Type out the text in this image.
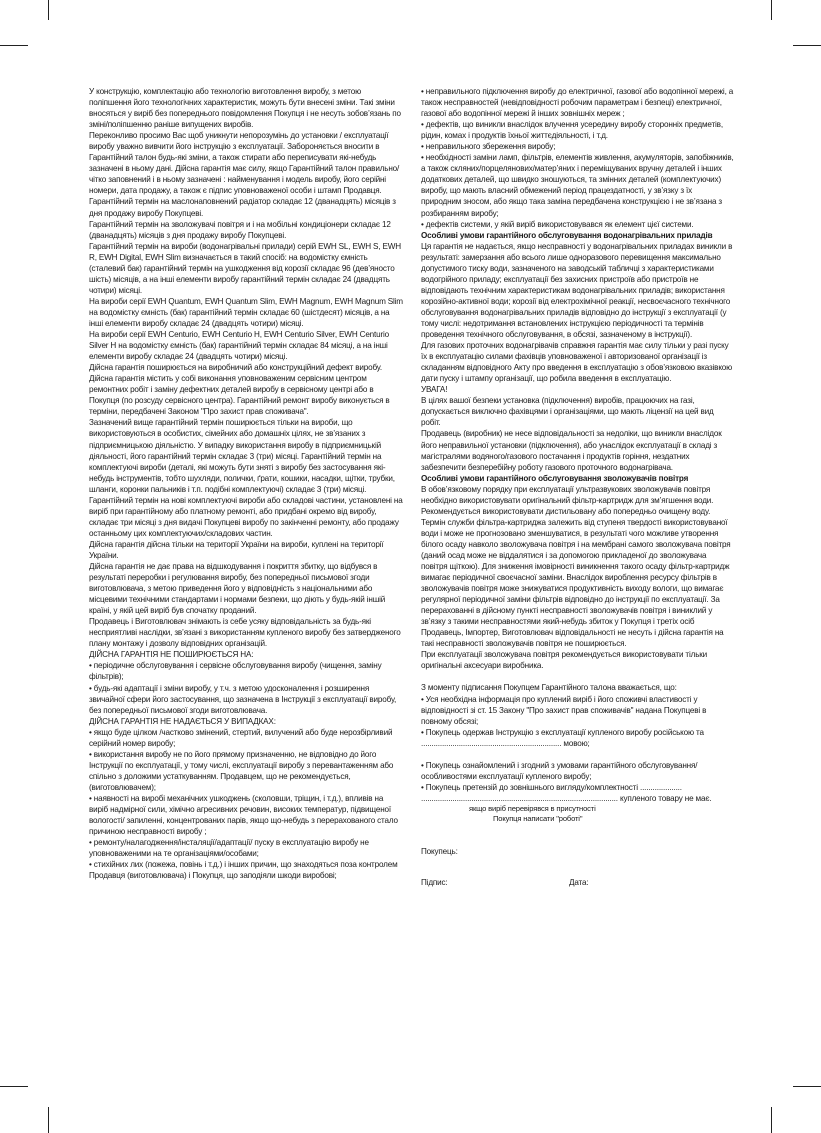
У конструкцію, комплектацію або технологію виготовлення виробу, з метою поліпшення його технологічних характеристик, можуть бути внесені зміни. Такі зміни вносяться у виріб без попереднього повідомлення Покупця і не несуть зобов’язань по зміні/поліпшенню раніше випущених виробів.

Переконливо просимо Вас щоб уникнути непорозумінь до установки / експлуатації виробу уважно вивчити його інструкцію з експлуатації. Забороняється вносити в Гарантійний талон будь-які зміни, а також стирати або переписувати які-небудь зазначені в ньому дані. Дійсна гарантія має силу, якщо Гарантійний талон правильно/чітко заповнений і в ньому зазначені : найменування і модель виробу, його серійні номери, дата продажу, а також є підпис уповноваженої особи і штамп Продавця.

Гарантійний термін на маслонаповнений радіатор складає 12 (дванадцять) місяців з дня продажу виробу Покупцеві.

Гарантійний термін на зволожувачі повітря и і на мобільні кондиціонери складає 12 (дванадцять) місяців з дня продажу виробу Покупцеві.

Гарантійний термін на вироби (водонагрівальні прилади) серій EWH SL, EWH S, EWH R, EWH Digital, EWH Slim визначається в такий спосіб: на водомістку ємність (сталевий бак) гарантійний термін на ушкодження від корозії складає 96 (дев’яносто шість) місяців, а на інші елементи виробу гарантійний термін складає 24 (двадцять чотири) місяці.

На вироби серії EWH Quantum, EWH Quantum Slim, EWH Magnum, EWH Magnum Slim на водомістку ємність (бак) гарантійний термін складає 60 (шістдесят) місяців, а на інші елементи виробу складає 24 (двадцять чотири) місяці.

На вироби серії EWH Centurio, EWH Centurio H, EWH Centurio Silver, EWH Centurio Silver H на водомістку ємність (бак) гарантійний термін складає 84 місяці, а на інші елементи виробу складає 24 (двадцять чотири) місяці.

Дійсна гарантія поширюється на виробничий або конструкційний дефект виробу. Дійсна гарантія містить у собі виконання уповноваженим сервісним центром ремонтних робіт і заміну дефектних деталей виробу в сервісному центрі або в Покупця (по розсуду сервісного центра). Гарантійний ремонт виробу виконується в терміни, передбачені Законом "Про захист прав споживача".

Зазначений вище гарантійний термін поширюється тільки на вироби, що використовуються в особистих, сімейних або домашніх цілях, не зв’язаних з підприємницькою діяльністю. У випадку використання виробу в підприємницькій діяльності, його гарантійний термін складає 3 (три) місяці. Гарантійний термін на комплектуючі вироби (деталі, які можуть бути зняті з виробу без застосування які-небудь інструментів, тобто шухляди, полички, ґрати, кошики, насадки, щітки, трубки, шланги, коронки пальників і т.п. подібні комплектуючі) складає 3 (три) місяці.

Гарантійний термін на нові комплектуючі вироби або складові частини, установлені на виріб при гарантійному або платному ремонті, або придбані окремо від виробу, складає три місяці з дня видачі Покупцеві виробу по закінченні ремонту, або продажу останньому цих комплектуючих/складових частин.

Дійсна гарантія дійсна тільки на території України на вироби, куплені на території України.

Дійсна гарантія не дає права на відшкодування і покриття збитку, що відбувся в результаті переробки і регулювання виробу, без попередньої письмової згоди виготовлювача, з метою приведення його у відповідність з національними або місцевими технічними стандартами і нормами безпеки, що діють у будь-якій іншій країні, у якій цей виріб був спочатку проданий.

Продавець і Виготовлювач знімають із себе усяку відповідальність за будь-які несприятливі наслідки, зв’язані з використанням купленого виробу без затвердженого плану монтажу і дозволу відповідних організацій.

ДІЙСНА ГАРАНТІЯ НЕ ПОШИРЮЄТЬСЯ НА:

• періодичне обслуговування і сервісне обслуговування виробу (чищення, заміну фільтрів);

• будь-які адаптації і зміни виробу, у т.ч. з метою удосконалення і розширення звичайної сфери його застосування, що зазначена в Інструкції з експлуатації виробу, без попередньої письмової згоди виготовлювача.

ДІЙСНА ГАРАНТІЯ НЕ НАДАЄТЬСЯ У ВИПАДКАХ:

• якщо буде цілком /частково змінений, стертий, вилучений або буде нерозбірливий серійний номер виробу;

• використання виробу не по його прямому призначенню, не відповідно до його Інструкції по експлуатації, у тому числі, експлуатації виробу з перевантаженням або спільно з доложими устаткуванням. Продавцем, що не рекомендується, (виготовлювачем);

• наявності на виробі механічних ушкоджень (сколовши, тріщин, і т.д.), впливів на виріб надмірної сили, хімічно агресивних речовин, високих температур, підвищеної вологості/ запиленні, концентрованих парів, якщо що-небудь з перерахованого стало причиною несправності виробу ;

• ремонту/налагодження/інсталяції/адаптації/ пуску в експлуатацію виробу не уповноваженими на те організаціями/особами;

• стихійних лих (пожежа, повінь і т.д.) і інших причин, що знаходяться поза контролем Продавця (виготовлювача) і Покупця, що заподіяли шкоди виробові;

• неправильного підключення виробу до електричної, газової або водопінної мережі, а також несправностей (невідповідності робочим параметрам і безпеці) електричної, газової або водопінної мережі й інших зовнішніх мереж ;

• дефектів, що виникли внаслідок влучення усередину виробу сторонніх предметів, рідин, комах і продуктів їхньої життєдіяльності, і т.д.

• неправильного збереження виробу;

• необхідності заміни ламп, фільтрів, елементів живлення, акумуляторів, запобіжників, а також скляних/порцелянових/матер’яних і переміщуваних вручну деталей і інших додаткових деталей, що швидко зношуються, та змінних деталей (комплектуючих) виробу, що мають власний обмежений період працездатності, у зв’язку з їх природним зносом, або якщо така заміна передбачена конструкцією і не зв’язана з розбиранням виробу;

• дефектів системи, у якій виріб використовувався як елемент цієї системи.

Особливі умови гарантійного обслуговування водонагрівальних приладів

Ця гарантія не надається, якщо несправності у водонагрівальних приладах виникли в результаті: замерзання або всього лише одноразового перевищення максимально допустимого тиску води, зазначеного на заводській табличці з характеристиками водогрійного приладу; експлуатації без захисних пристроїв або пристроїв не відповідають технічним характеристикам водонагрівальних приладів; використання корозійно-активної води; корозії від електрохімічної реакції, несвоєчасного технічного обслуговування водонагрівальних приладів відповідно до інструкції з експлуатації (у тому числі: недотримання встановлених інструкцією періодичності та термінів проведення технічного обслуговування, в обсязі, зазначеному в інструкції).

Для газових проточних водонагрівачів справжня гарантія має силу тільки у разі пуску їх в експлуатацію силами фахівців уповноваженої і авторизованої організації із складанням відповідного Акту про введення в експлуатацію з обов’язковою вказівкою дати пуску і штампу організації, що робила введення в експлуатацію.

УВАГА!

В цілях вашої безпеки установка (підключення) виробів, працюючих на газі, допускається виключно фахівцями і організаціями, що мають ліцензії на цей вид робіт.

Продавець (виробник) не несе відповідальності за недоліки, що виникли внаслідок його неправильної установки (підключення), або унаслідок експлуатації в складі з магістралями водяного/газового постачання і продуктів горіння, нездатних забезпечити безперебійну роботу газового проточного водонагрівача.

Особливі умови гарантійного обслуговування зволожувачів повітря

В обов’язковому порядку при експлуатації ультразвукових зволожувачів повітря необхідно використовувати оригінальний фільтр-картридж для зм’ягшення води. Рекомендується використовувати дистильовану або попередньо очищену воду. Термін служби фільтра-картриджа залежить від ступеня твердості використовуваної води і може не прогнозовано зменшуватися, в результаті чого можливе утворення білого осаду навколо зволожувача повітря і на мембрані самого зволожувача повітря (даний осад може не віддалятися і за допомогою прикладеної до зволожувача повітря щіткою). Для зниження імовірності виникнення такого осаду фільтр-картридж вимагає періодичної своєчасної заміни. Внаслідок вироблення ресурсу фільтрів в зволожувачів повітря може знижуватися продуктивність виходу вологи, що вимагає регулярної періодичної заміни фільтрів відповідно до інструкції по експлуатації. За перерахованні в дійсному пункті несправності зволожувачів повітря і виниклий у зв’язку з такими несправностями який-небудь збиток у Покупця і третіх осіб Продавець, Імпортер, Виготовлювач відповідальності не несуть і дійсна гарантія на такі несправності зволожувачів повітря не поширюється.

При експлуатації зволожувача повітря рекомендується використовувати тільки оригінальні аксесуари виробника.

З моменту підписання Покупцем Гарантійного талона вважається, що:

• Уся необхідна інформація про куплений виріб і його споживчі властивості у відповідності зі ст. 15 Закону "Про захист прав споживачів" надана Покупцеві в повному обсязі;

• Покупець одержав Інструкцію з експлуатації купленого виробу російською та ................................................................... мовою;

• Покупець ознайомлений і згодний з умовами гарантійного обслуговування/особливостями експлуатації купленого виробу;

• Покупець претензій до зовнішнього вигляду/комплектності ....................

.............................................................................................. купленого товару не має.

якщо виріб перевірявся в присутності

Покупця написати "роботі"

Покупець:

Підпис:	Дата:
